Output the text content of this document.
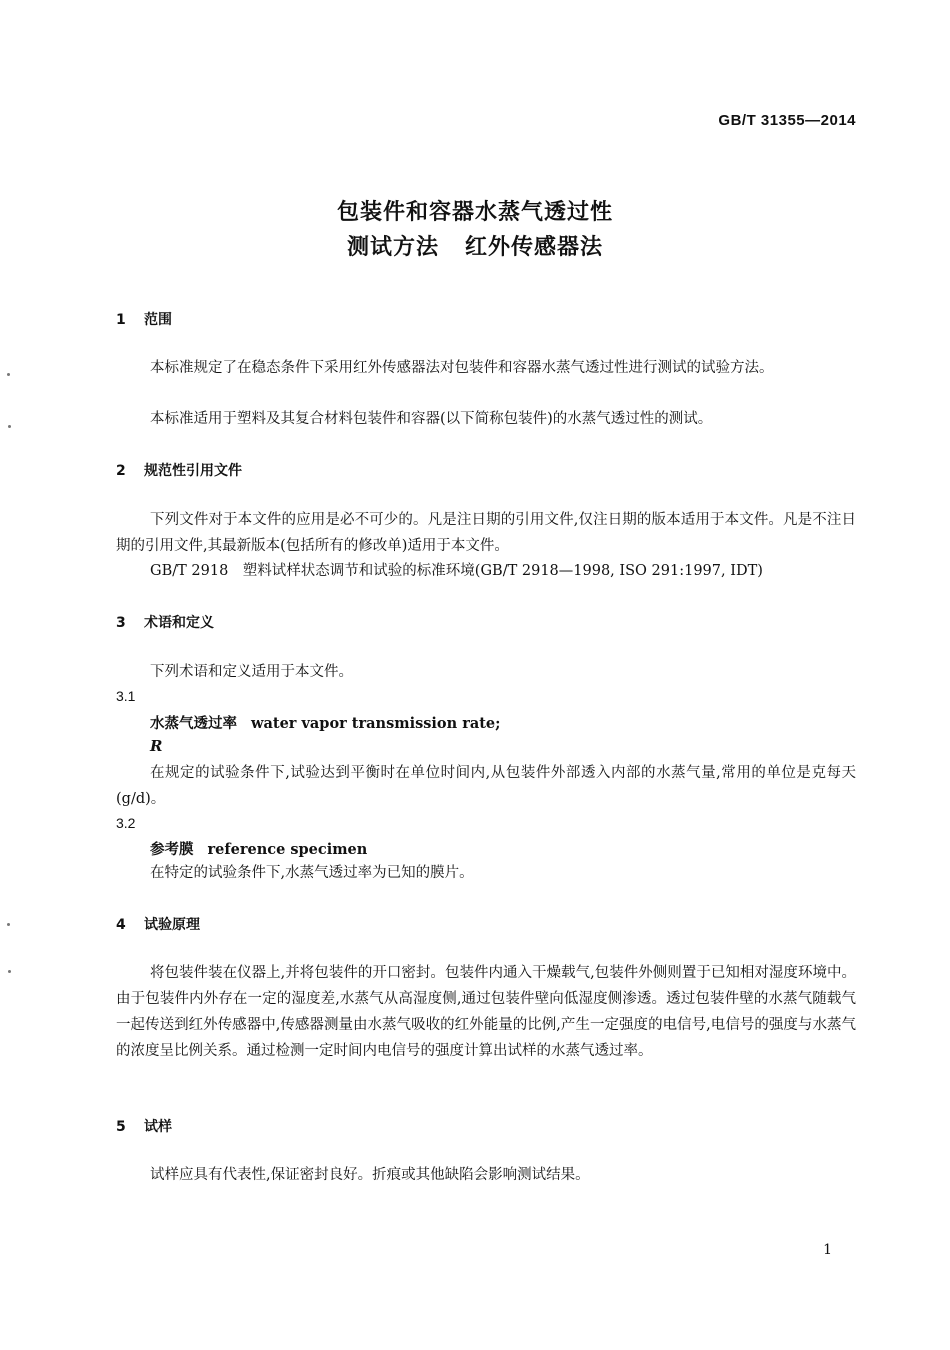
GB/T 31355—2014
包装件和容器水蒸气透过性
测试方法 红外传感器法
1 范围
本标准规定了在稳态条件下采用红外传感器法对包装件和容器水蒸气透过性进行测试的试验方法。
本标准适用于塑料及其复合材料包装件和容器(以下简称包装件)的水蒸气透过性的测试。
2 规范性引用文件
下列文件对于本文件的应用是必不可少的。凡是注日期的引用文件,仅注日期的版本适用于本文件。凡是不注日期的引用文件,其最新版本(包括所有的修改单)适用于本文件。
GB/T 2918　塑料试样状态调节和试验的标准环境(GB/T 2918—1998, ISO 291:1997, IDT)
3 术语和定义
下列术语和定义适用于本文件。
3.1
水蒸气透过率 water vapor transmission rate;
R
在规定的试验条件下,试验达到平衡时在单位时间内,从包装件外部透入内部的水蒸气量,常用的单位是克每天(g/d)。
3.2
参考膜 reference specimen
在特定的试验条件下,水蒸气透过率为已知的膜片。
4 试验原理
将包装件装在仪器上,并将包装件的开口密封。包装件内通入干燥载气,包装件外侧则置于已知相对湿度环境中。由于包装件内外存在一定的湿度差,水蒸气从高湿度侧,通过包装件壁向低湿度侧渗透。透过包装件壁的水蒸气随载气一起传送到红外传感器中,传感器测量由水蒸气吸收的红外能量的比例,产生一定强度的电信号,电信号的强度与水蒸气的浓度呈比例关系。通过检测一定时间内电信号的强度计算出试样的水蒸气透过率。
5 试样
试样应具有代表性,保证密封良好。折痕或其他缺陷会影响测试结果。
1
